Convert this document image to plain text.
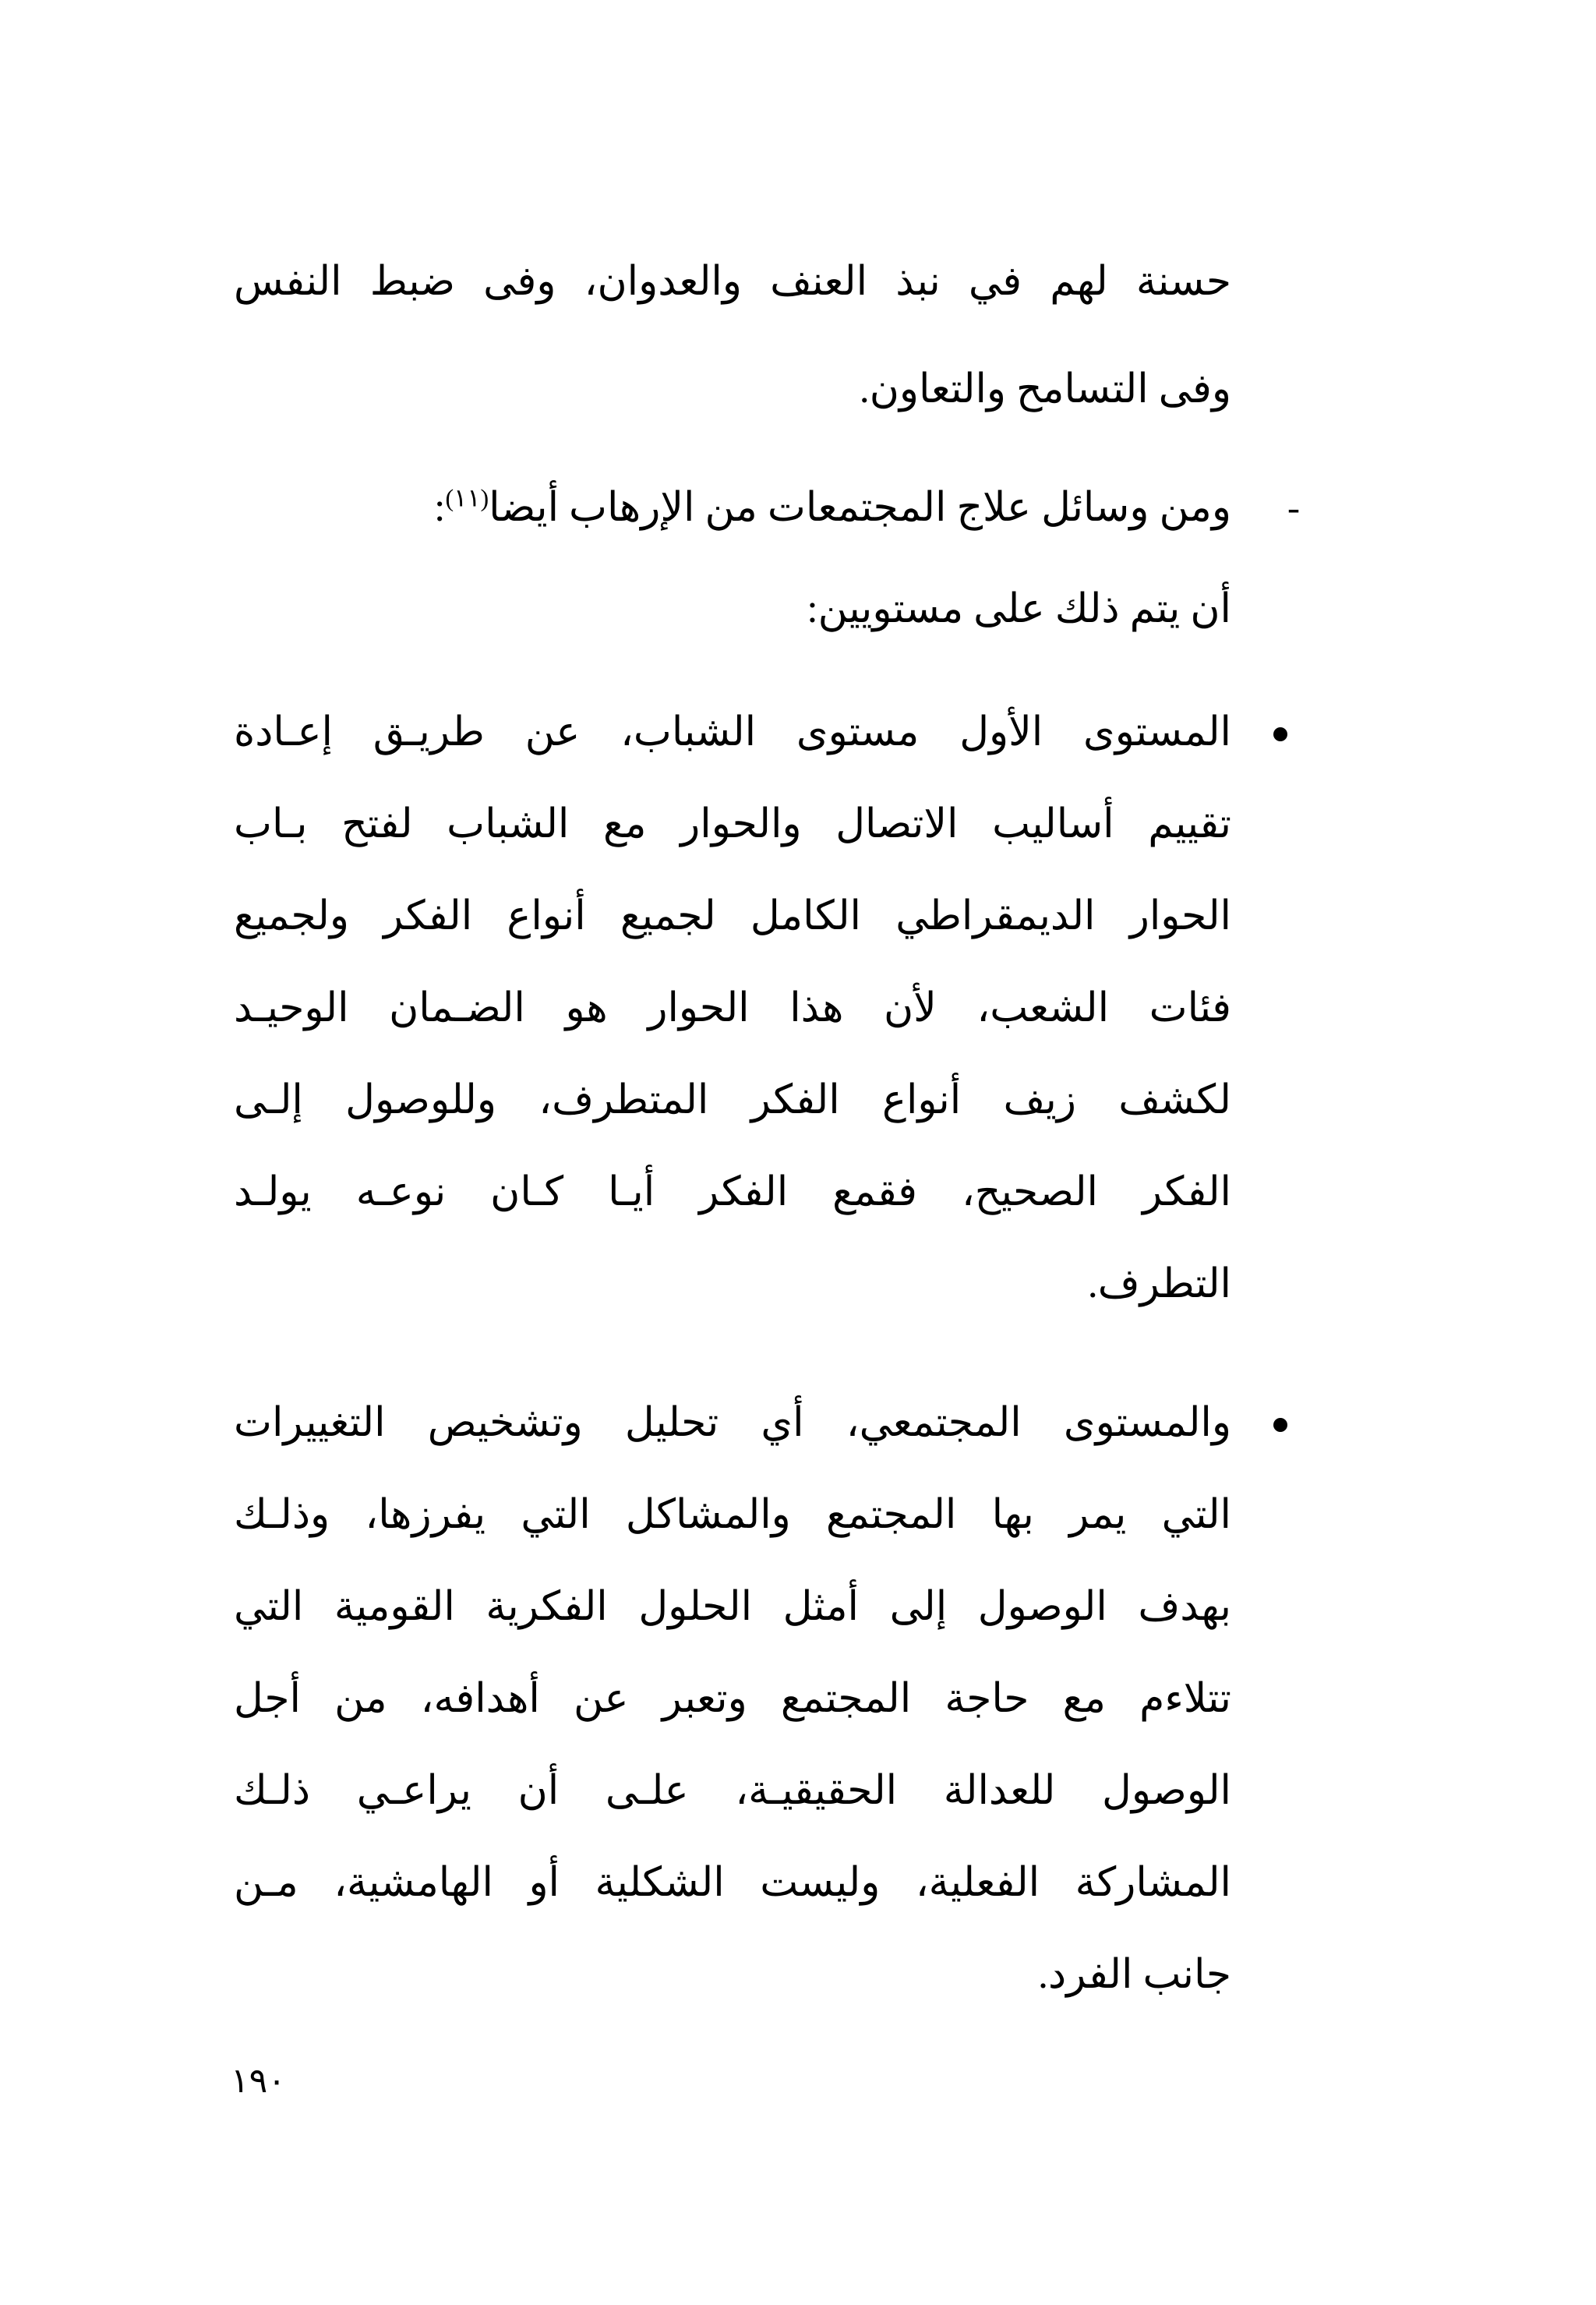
حسنة لهم في نبذ العنف والعدوان، وفى ضبط النفس
وفى التسامح والتعاون.
-
ومن وسائل علاج المجتمعات من الإرهاب أيضا$^{(١١)}$:
أن يتم ذلك على مستويين:
المستوى الأول مستوى الشباب، عن طريـق إعـادة
تقييم أساليب الاتصال والحوار مع الشباب لفتح بـاب
الحوار الديمقراطي الكامل لجميع أنواع الفكر ولجميع
فئات الشعب، لأن هذا الحوار هو الضـمان الوحيـد
لكشف زيف أنواع الفكر المتطرف، وللوصول إلـى
الفكر الصحيح، فقمع الفكر أيـا كـان نوعـه يولـد
التطرف.
والمستوى المجتمعي، أي تحليل وتشخيص التغييرات
التي يمر بها المجتمع والمشاكل التي يفرزها، وذلـك
بهدف الوصول إلى أمثل الحلول الفكرية القومية التي
تتلاءم مع حاجة المجتمع وتعبر عن أهدافه، من أجل
الوصول للعدالة الحقيقيـة، علـى أن يراعـي ذلـك
المشاركة الفعلية، وليست الشكلية أو الهامشية، مـن
جانب الفرد.
١٩٠
